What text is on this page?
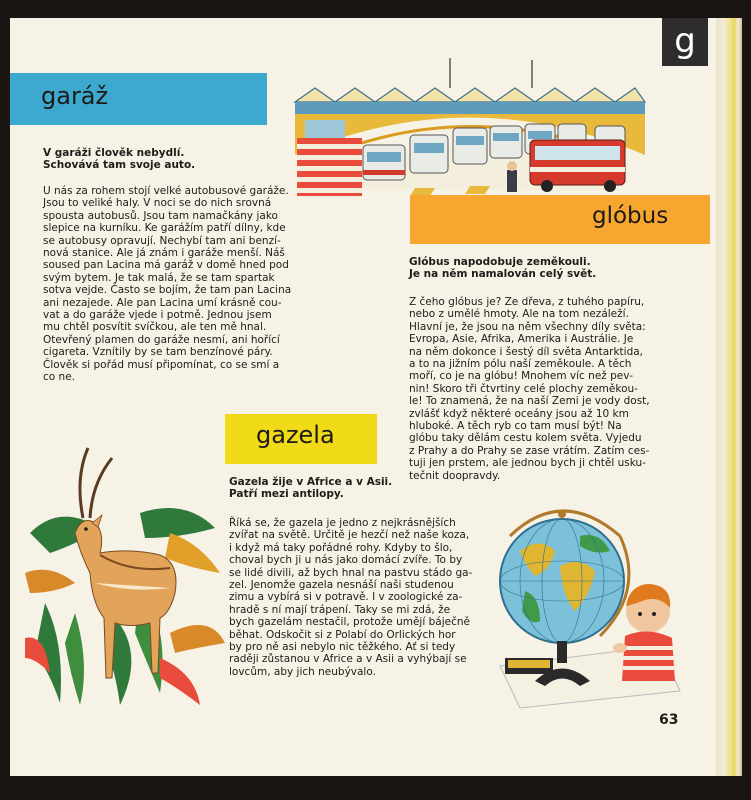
g
garáž
V garáži člověk nebydlí.
Schovává tam svoje auto.
U nás za rohem stojí velké autobusové garáže.
Jsou to veliké haly. V noci se do nich srovná
spousta autobusů. Jsou tam namačkány jako
slepice na kurníku. Ke garážím patří dílny, kde
se autobusy opravují. Nechybí tam ani benzí-
nová stanice. Ale já znám i garáže menší. Náš
soused pan Lacina má garáž v domě hned pod
svým bytem. Je tak malá, že se tam spartak
sotva vejde. Často se bojím, že tam pan Lacina
ani nezajede. Ale pan Lacina umí krásně cou-
vat a do garáže vjede i potmě. Jednou jsem
mu chtěl posvítit svíčkou, ale ten mě hnal.
Otevřený plamen do garáže nesmí, ani hořící
cigareta. Vznítily by se tam benzínové páry.
Člověk si pořád musí připomínat, co se smí a
co ne.
glóbus
Glóbus napodobuje zeměkouli.
Je na něm namalován celý svět.
Z čeho glóbus je? Ze dřeva, z tuhého papíru,
nebo z umělé hmoty. Ale na tom nezáleží.
Hlavní je, že jsou na něm všechny díly světa:
Evropa, Asie, Afrika, Amerika i Austrálie. Je
na něm dokonce i šestý díl světa Antarktida,
a to na jižním pólu naší zeměkoule. A těch
moří, co je na glóbu! Mnohem víc než pev-
nin! Skoro tři čtvrtiny celé plochy zeměkou-
le! To znamená, že na naší Zemi je vody dost,
zvlášť když některé oceány jsou až 10 km
hluboké. A těch ryb co tam musí být! Na
glóbu taky dělám cestu kolem světa. Vyjedu
z Prahy a do Prahy se zase vrátím. Zatím ces-
tuji jen prstem, ale jednou bych ji chtěl usku-
tečnit doopravdy.
gazela
Gazela žije v Africe a v Asii.
Patří mezi antilopy.
Říká se, že gazela je jedno z nejkrásnějších
zvířat na světě. Určitě je hezčí než naše koza,
i když má taky pořádné rohy. Kdyby to šlo,
choval bych ji u nás jako domácí zvíře. To by
se lidé divili, až bych hnal na pastvu stádo ga-
zel. Jenomže gazela nesnáší naši studenou
zimu a vybírá si v potravě. I v zoologické za-
hradě s ní mají trápení. Taky se mi zdá, že
bych gazelám nestačil, protože umějí báječně
běhat. Odskočit si z Polabí do Orlických hor
by pro ně asi nebylo nic těžkého. Ať si tedy
raději zůstanou v Africe a v Asii a vyhýbají se
lovcům, aby jich neubývalo.
63
